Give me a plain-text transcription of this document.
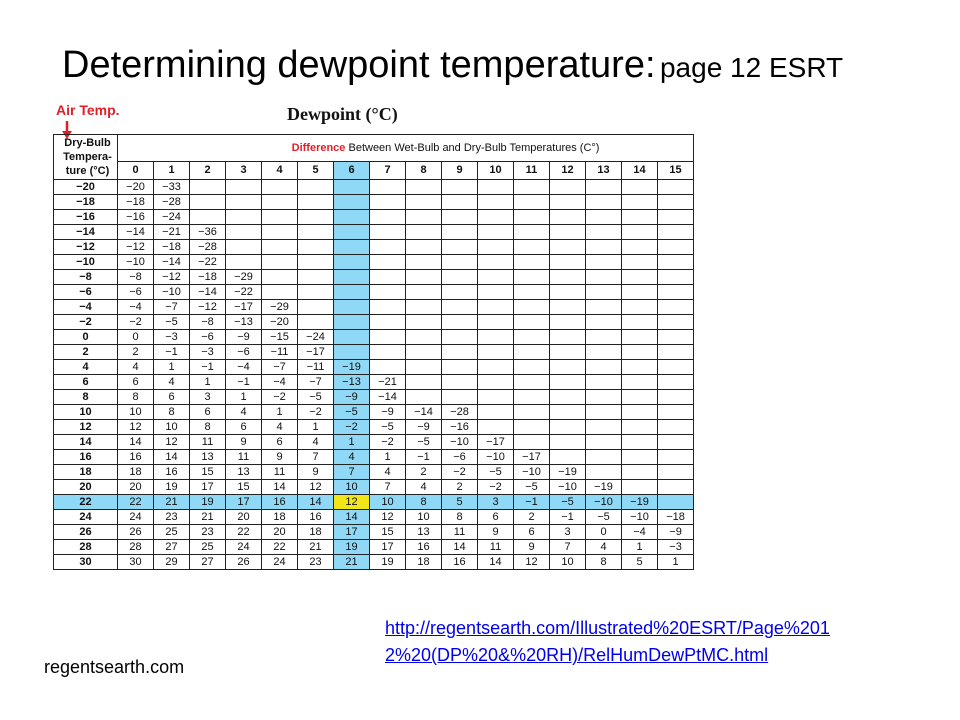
Determining dewpoint temperature: page 12 ESRT
Air Temp.	Dewpoint (°C)
Dry-Bulb
Tempera-
ture (°C)	Difference Between Wet-Bulb and Dry-Bulb Temperatures (C°)															
	0	1	2	3	4	5	6	7	8	9	10	11	12	13	14	15
−20	−20	−33														
−18	−18	−28														
−16	−16	−24														
−14	−14	−21	−36													
−12	−12	−18	−28													
−10	−10	−14	−22													
−8	−8	−12	−18	−29												
−6	−6	−10	−14	−22												
−4	−4	−7	−12	−17	−29											
−2	−2	−5	−8	−13	−20											
0	0	−3	−6	−9	−15	−24										
2	2	−1	−3	−6	−11	−17										
4	4	1	−1	−4	−7	−11	−19									
6	6	4	1	−1	−4	−7	−13	−21								
8	8	6	3	1	−2	−5	−9	−14								
10	10	8	6	4	1	−2	−5	−9	−14	−28						
12	12	10	8	6	4	1	−2	−5	−9	−16						
14	14	12	11	9	6	4	1	−2	−5	−10	−17					
16	16	14	13	11	9	7	4	1	−1	−6	−10	−17				
18	18	16	15	13	11	9	7	4	2	−2	−5	−10	−19			
20	20	19	17	15	14	12	10	7	4	2	−2	−5	−10	−19		
22	22	21	19	17	16	14	12	10	8	5	3	−1	−5	−10	−19	
24	24	23	21	20	18	16	14	12	10	8	6	2	−1	−5	−10	−18
26	26	25	23	22	20	18	17	15	13	11	9	6	3	0	−4	−9
28	28	27	25	24	22	21	19	17	16	14	11	9	7	4	1	−3
30	30	29	27	26	24	23	21	19	18	16	14	12	10	8	5	1
regentsearth.com
http://regentsearth.com/Illustrated%20ESRT/Page%2012%20(DP%20&%20RH)/RelHumDewPtMC.html
